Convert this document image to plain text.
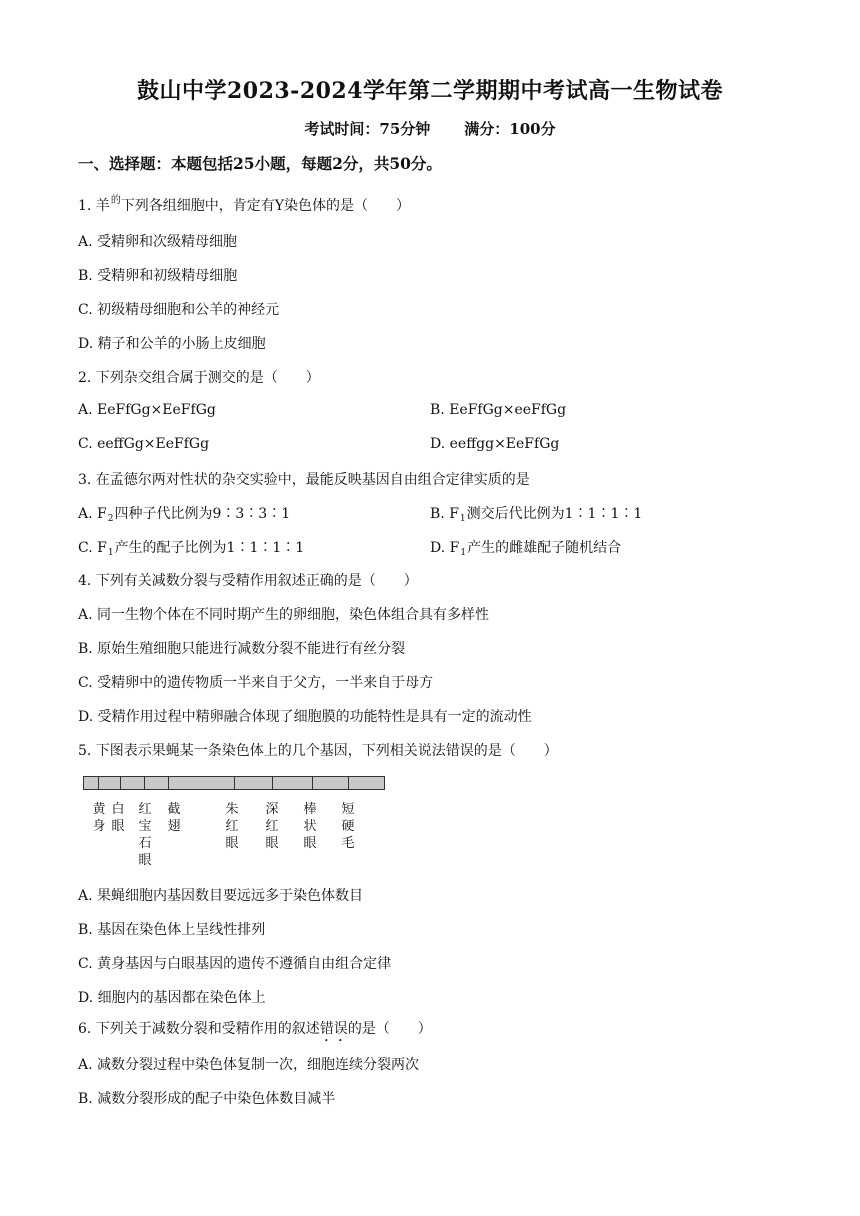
鼓山中学2023-2024学年第二学期期中考试高一生物试卷
考试时间：75分钟 满分：100分
一、选择题：本题包括25小题，每题2分，共50分。
1. 羊$^的$下列各组细胞中，肯定有Y染色体的是（　　）
A. 受精卵和次级精母细胞
B. 受精卵和初级精母细胞
C. 初级精母细胞和公羊的神经元
D. 精子和公羊的小肠上皮细胞
2. 下列杂交组合属于测交的是（　　）
A. EeFfGg×EeFfGg	B. EeFfGg×eeFfGg
C. eeffGg×EeFfGg	D. eeffgg×EeFfGg
3. 在孟德尔两对性状的杂交实验中，最能反映基因自由组合定律实质的是
A. $F_2$四种子代比例为9∶3∶3∶1	B. $F_1$测交后代比例为1∶1∶1∶1
C. $F_1$产生的配子比例为1∶1∶1∶1	D. $F_1$产生的雌雄配子随机结合
4. 下列有关减数分裂与受精作用叙述正确的是（　　）
A. 同一生物个体在不同时期产生的卵细胞，染色体组合具有多样性
B. 原始生殖细胞只能进行减数分裂不能进行有丝分裂
C. 受精卵中的遗传物质一半来自于父方，一半来自于母方
D. 受精作用过程中精卵融合体现了细胞膜的功能特性是具有一定的流动性
5. 下图表示果蝇某一条染色体上的几个基因，下列相关说法错误的是（　　）
黄身
白眼
红宝石眼
截翅
朱红眼
深红眼
棒状眼
短硬毛
A. 果蝇细胞内基因数目要远远多于染色体数目
B. 基因在染色体上呈线性排列
C. 黄身基因与白眼基因的遗传不遵循自由组合定律
D. 细胞内的基因都在染色体上
6. 下列关于减数分裂和受精作用的叙述错误的是（　　）
A. 减数分裂过程中染色体复制一次，细胞连续分裂两次
B. 减数分裂形成的配子中染色体数目减半
